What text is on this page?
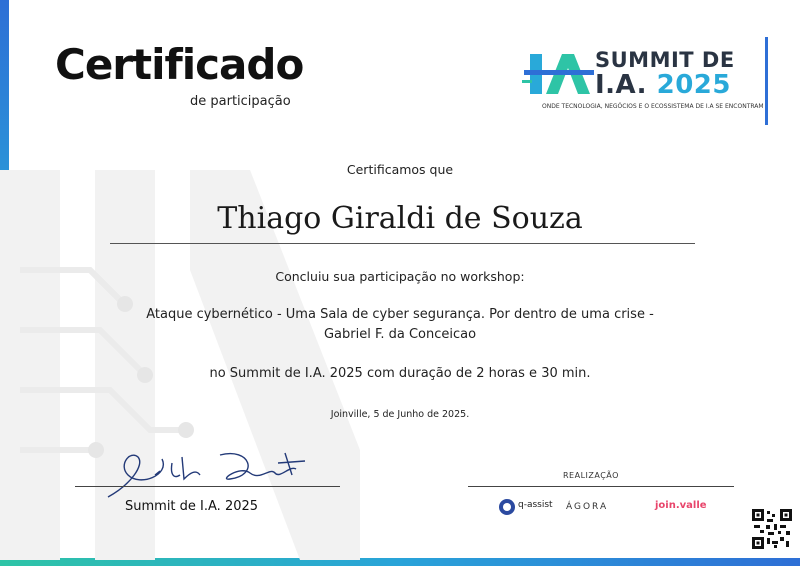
Certificado
de participação
SUMMIT DE
I.A. 2025
ONDE TECNOLOGIA, NEGÓCIOS E O ECOSSISTEMA DE I.A SE ENCONTRAM
Certificamos que
Thiago Giraldi de Souza
Concluiu sua participação no workshop:
Ataque cybernético - Uma Sala de cyber segurança. Por dentro de uma crise -
Gabriel F. da Conceicao
no Summit de I.A. 2025 com duração de 2 horas e 30 min.
Joinville, 5 de Junho de 2025.
Summit de I.A. 2025
REALIZAÇÃO
q-assist ÁGORA	join.valle
